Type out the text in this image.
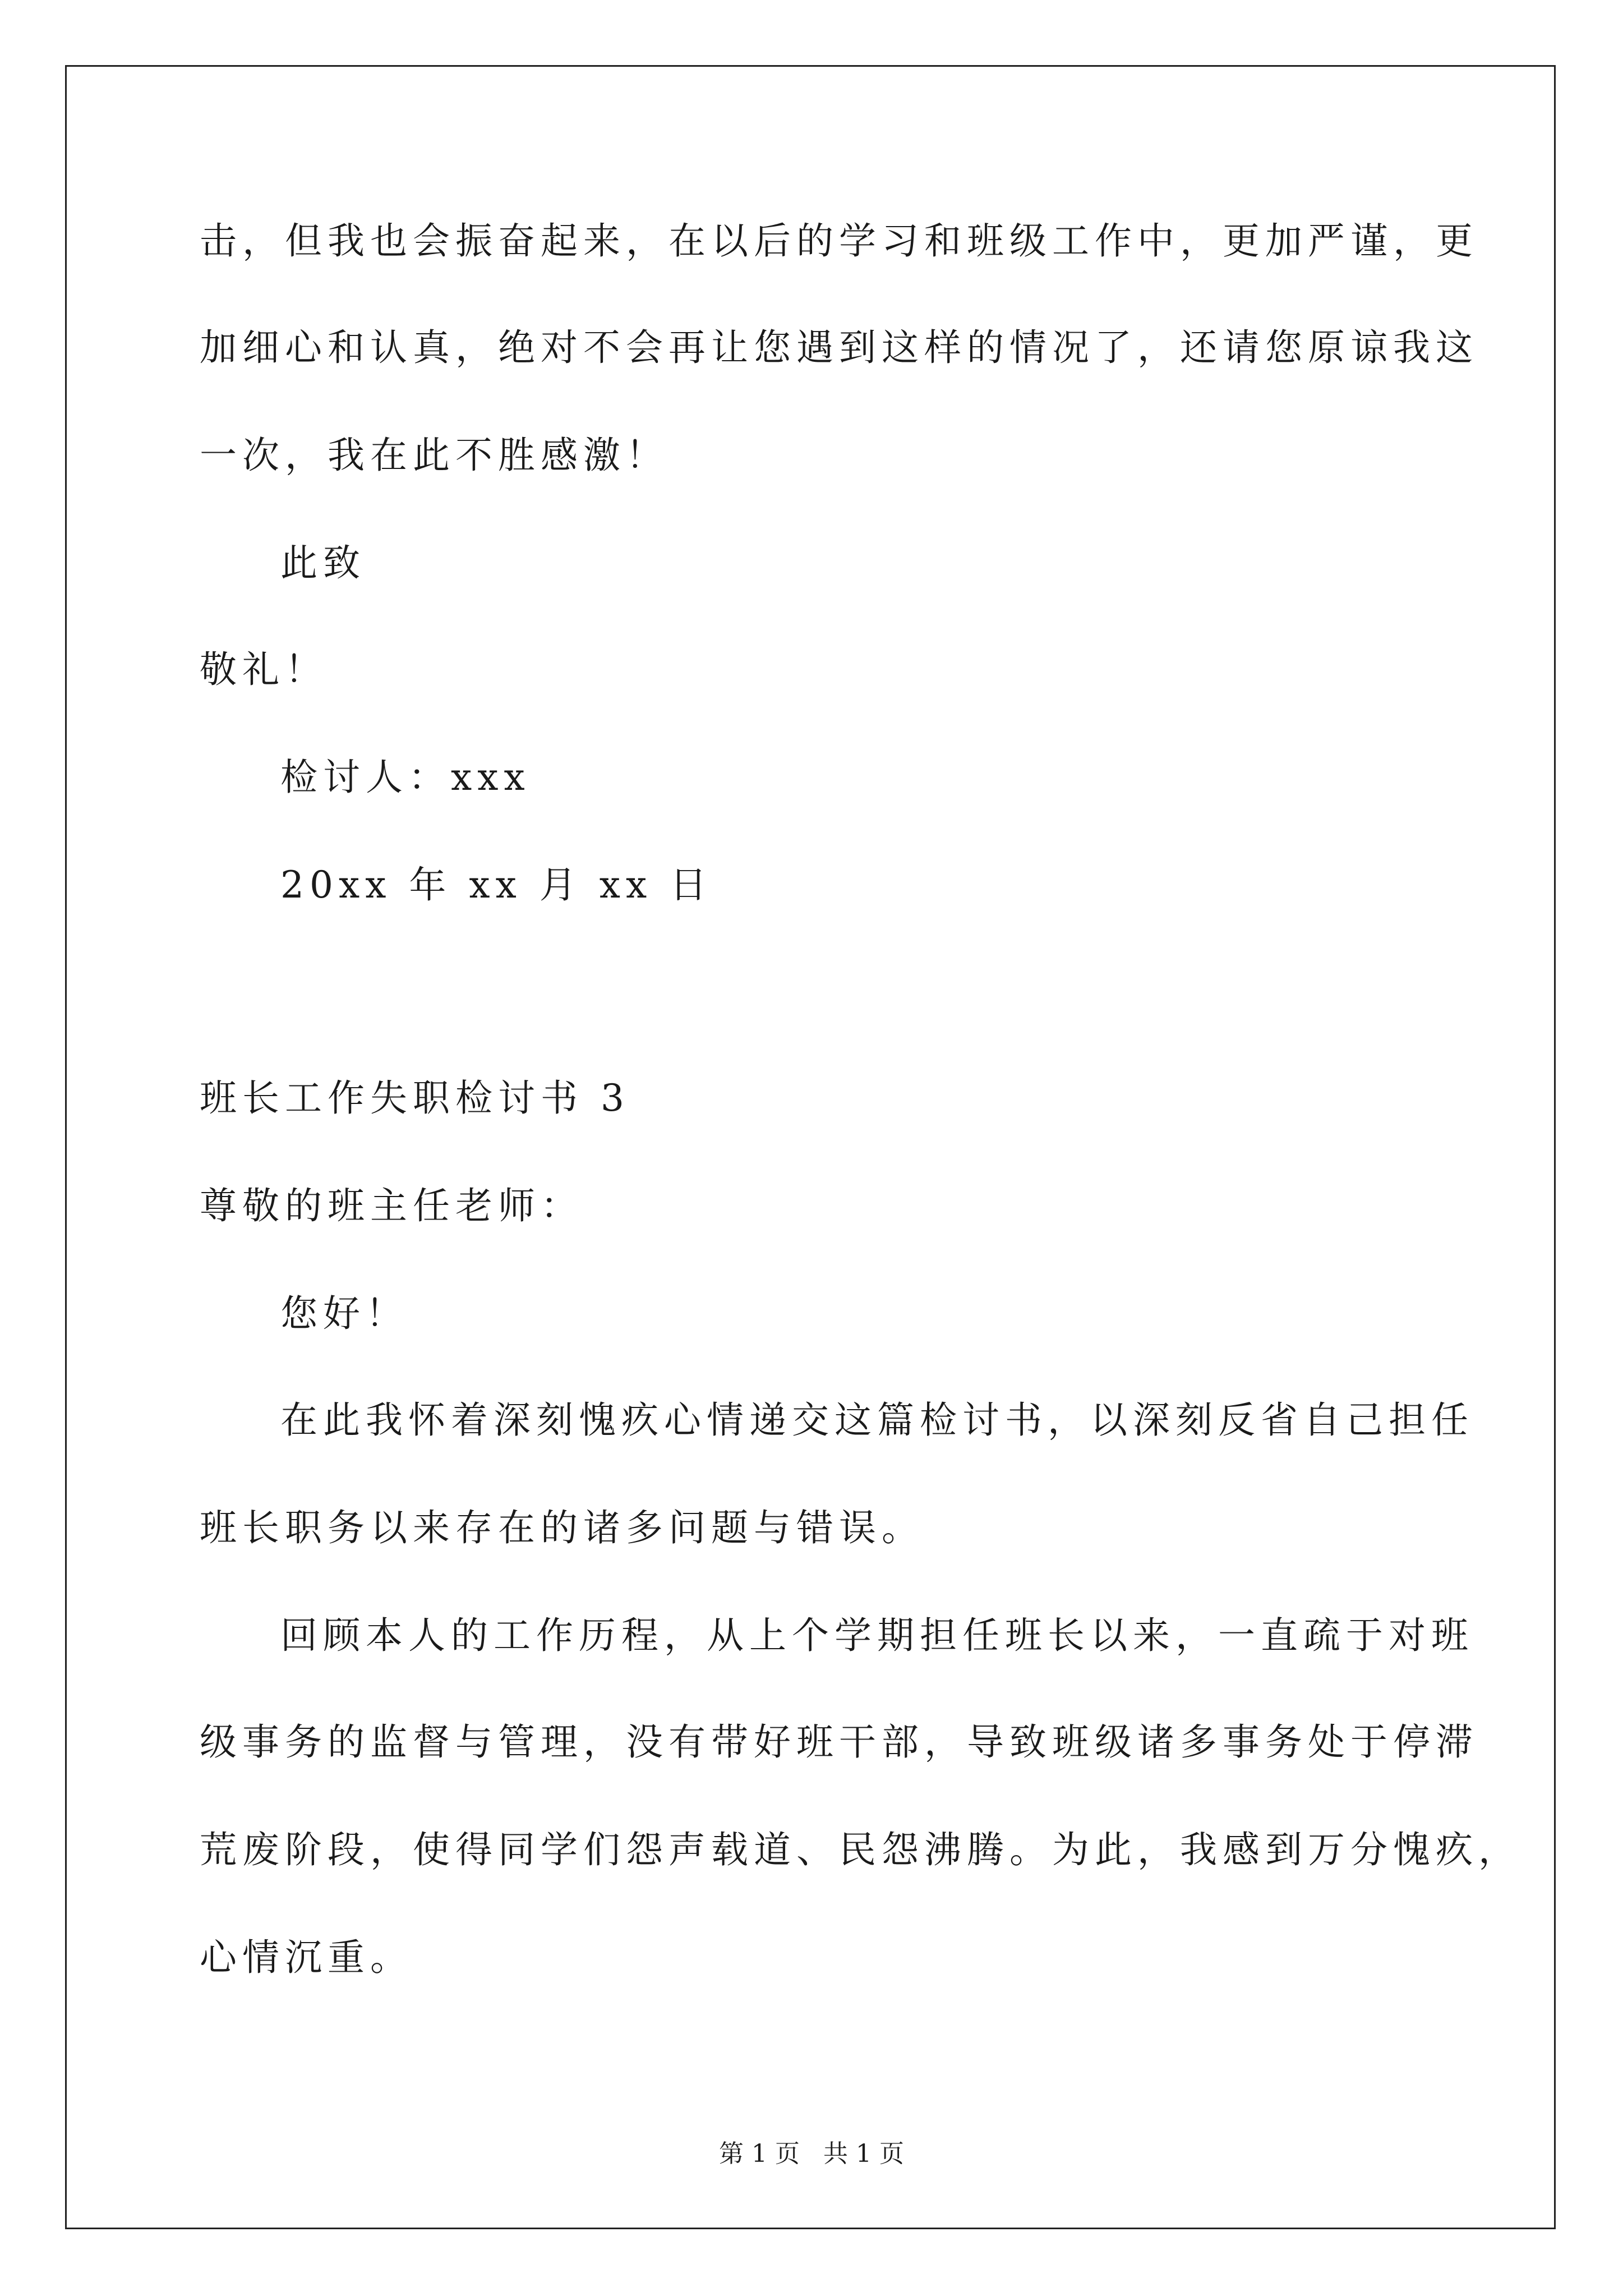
击，但我也会振奋起来，在以后的学习和班级工作中，更加严谨，更
加细心和认真，绝对不会再让您遇到这样的情况了，还请您原谅我这
一次，我在此不胜感激！
此致
敬礼！
检讨人：xxx
20xx 年 xx 月 xx 日
班长工作失职检讨书 3
尊敬的班主任老师：
您好！
在此我怀着深刻愧疚心情递交这篇检讨书，以深刻反省自己担任
班长职务以来存在的诸多问题与错误。
回顾本人的工作历程，从上个学期担任班长以来，一直疏于对班
级事务的监督与管理，没有带好班干部，导致班级诸多事务处于停滞
荒废阶段，使得同学们怨声载道、民怨沸腾。为此，我感到万分愧疚，
心情沉重。
第 1 页   共 1 页
